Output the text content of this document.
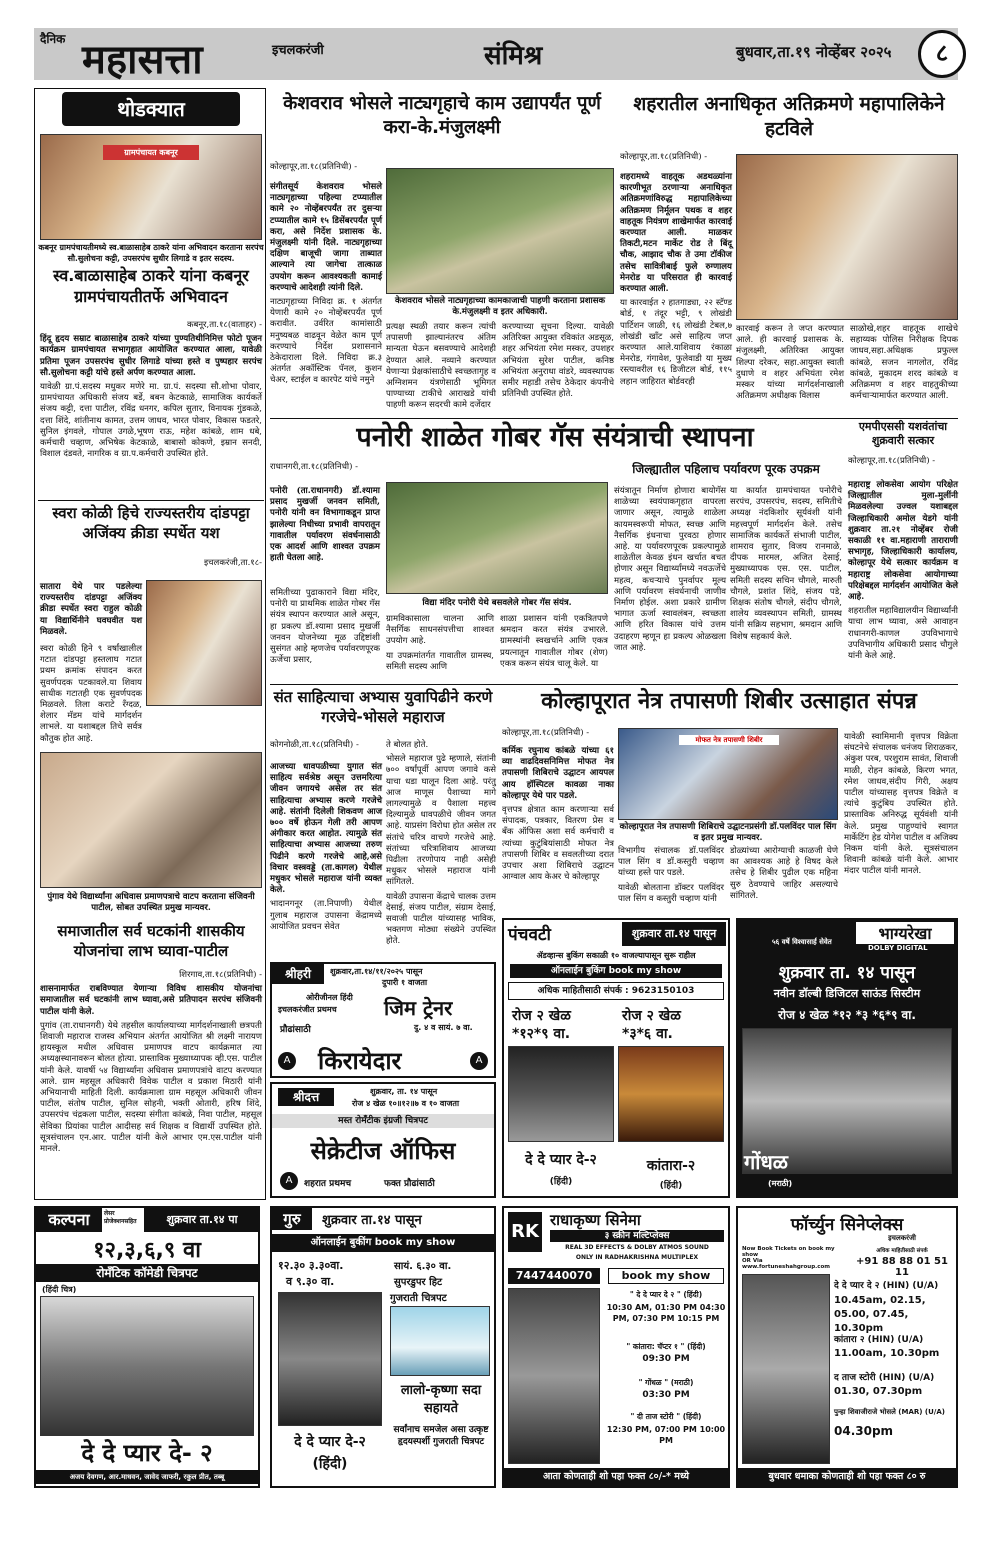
दैनिक महासत्ता	इचलकरंजी	संमिश्र	बुधवार,ता.१९ नोव्हेंबर २०२५	८
थोडक्यात
ग्रामपंचायत कबनूर
कबनूर ग्रामपंचायतीमध्ये स्व.बाळासाहेब ठाकरे यांना अभिवादन करताना सरपंच सौ.सुलोचना कट्टी, उपसरपंच सुधीर लिगाडे व इतर सदस्य.
स्व.बाळासाहेब ठाकरे यांना कबनूर ग्रामपंचायतीतर्फे अभिवादन

कबनूर,ता.१८(वाताहर) -

हिंदू हृदय सम्राट बाळासाहेब ठाकरे यांच्या पुण्यतिथीनिमित्त फोटो पूजन कार्यक्रम ग्रामपंचायत सभागृहात आयोजित करण्यात आला, यावेळी प्रतिमा पूजन उपसरपंच सुधीर लिगाडे यांच्या हस्ते व पुष्पहार सरपंच सौ.सुलोचना कट्टी यांचे हस्ते अर्पण करण्यात आला.

यावेळी ग्रा.पं.सदस्य मधुकर मणेरे मा. ग्रा.पं. सदस्या सौ.शोभा पोवार, ग्रामपंचायत अधिकारी संजय बर्डे, बबन केटकाळे, सामाजिक कार्यकर्ते संजय कट्टी, दत्ता पाटील, रविंद्र धनगर, कपिल सुतार, विनायक गुंडकळे, दत्ता शिंदे, शांतीनाथ कामत, उत्तम जाधव, भारत पोवार, विकास फडतरे, सुनिल इंगवले, गोपाल उगळे,भूषण राऊ, महेश कांबळे, शाम धबे, कर्मचारी चव्हाण, अभिषेक केटकाळे, बाबासो कोकणे, इम्रान सनदी, विशाल दंडवते, नागरिक व ग्रा.प.कर्मचारी उपस्थित होते.

स्वरा कोळी हिचे राज्यस्तरीय दांडपट्टा अजिंक्य क्रीडा स्पर्धेत यश
इचलकरंजी,ता.१८-

सातारा येथे पार पडलेल्या राज्यस्तरीय दांडपट्टा अजिंक्य क्रीडा स्पर्धेत स्वरा राहुल कोळी या विद्यार्थिनीने घवघवीत यश मिळवले.

स्वरा कोळी हिने ९ वर्षांखालील गटात दांडपट्टा हस्तलाघ गटात प्रथम क्रमांक संपादन करत सुवर्णपदक पटकावले.या शिवाय साधीक गटातही एक सुवर्णपदक मिळवले. तिला कराटे रँग्दळ, शेलार मॅडम यांचे मार्गदर्शन लाभले. या यशाबद्दल तिचे सर्वत्र कौतुक होत आहे.

पुंगाव येथे विद्यार्थ्यांना अधिवास प्रमाणपत्राचे वाटप करताना संजिवनी पाटील, सोबत उपस्थित प्रमुख मान्यवर.
समाजातील सर्व घटकांनी शासकीय योजनांचा लाभ घ्यावा-पाटील

शिरगाव,ता.१८(प्रतिनिधी) -

शासनामार्फत राबविण्यात येणाऱ्या विविध शासकीय योजनांचा समाजातील सर्व घटकांनी लाभ घ्यावा,असे प्रतिपादन सरपंच संजिवनी पाटील यांनी केले.

पुगांव (ता.राधानगरी) येथे तहसील कार्यालयाच्या मार्गदर्शनाखाली छत्रपती शिवाजी महाराज राजस्व अभियान अंतर्गत आयोजित श्री लक्ष्मी नारायण हायस्कूल मधील अधिवास प्रमाणपत्र वाटप कार्यक्रमात त्या अध्यक्षस्थानावरून बोलत होत्या. प्रास्ताविक मुख्याध्यापक व्ही.एस. पाटील यांनी केले. यावर्षी ५४ विद्यार्थ्यांना अधिवास प्रमाणपत्रांचे वाटप करण्यात आले. ग्राम महसूल अधिकारी विवेक पाटील व प्रकाश मिठारी यांनी अभियानाची माहिती दिली. कार्यक्रमाला ग्राम महसूल अधिकारी जीवन पाटील, संतोष पाटील, सुनिल सोहनी, भक्ती ओतारी, हरिष शिंदे, उपसरपंच चंद्रकला पाटील, सदस्या संगीता कांबळे, निवा पाटील, महसूल सेविका प्रियांका पाटील आदीसह सर्व शिक्षक व विद्यार्थी उपस्थित होते. सूत्रसंचालन एन.आर. पाटील यांनी केले आभार एम.एस.पाटील यांनी मानले.

केशवराव भोसले नाट्यगृहाचे काम उद्यापर्यंत पूर्ण करा-के.मंजुलक्ष्मी
कोल्हापूर,ता.१८(प्रतिनिधी) -

संगीतसूर्य केशवराव भोसले नाट्यगृहाच्या पहिल्या टप्प्यातील कामे २० नोव्हेंबरपर्यंत तर दुसऱ्या टप्प्यातील कामे १५ डिसेंबरपर्यंत पूर्ण करा, असे निर्देश प्रशासक के. मंजुलक्ष्मी यांनी दिले. नाट्यगृहाच्या दक्षिण बाजूची जागा ताब्यात आल्याने त्या जागेचा तात्काळ उपयोग करून आवश्यकती कामाई करण्याचे आदेशही त्यांनी दिले.

नाट्यगृहाच्या निविदा क्र. १ अंतर्गत येणारी कामे २० नोव्हेंबरपर्यंत पूर्ण करावीत. उर्वरित कामांसाठी मनुष्यबळ वाढवून वेळेत काम पूर्ण करण्याचे निर्देश प्रशासनाने ठेकेदाराला दिले. निविदा क्र.३ अंतर्गत अकॉस्टिक पॅनल, कुशन चेअर, स्टाईल व कारपेट यांचे नमुने

केशवराव भोसले नाट्यगृहाच्या कामकाजाची पाहणी करताना प्रशासक के.मंजुलक्ष्मी व इतर अधिकारी.

प्रत्यक्ष स्थळी तयार करून त्यांची तपासणी झाल्यानंतरच अंतिम मान्यता घेऊन बसवण्याचे आदेशही देण्यात आले. नव्याने करण्यात येणाऱ्या प्रेक्षकांसाठीचे स्वच्छतागृह व अग्निशमन यंत्रणेसाठी भूमिगत पाण्याच्या टाकीचे आराखडे यांची पाहणी करून सदरची कामे दर्जेदार

करण्याच्या सूचना दिल्या. यावेळी अतिरिक्त आयुक्त रविकांत अडसूळ, शहर अभियंता रमेश मस्कर, उपशहर अभियंता सुरेश पाटील, कनिष्ठ अभियंता अनुराधा वांडरे, व्यवस्थापक समीर महाडी तसेच ठेकेदार कंपनीचे प्रतिनिधी उपस्थित होते.

शहरातील अनाधिकृत अतिक्रमणे महापालिकेने हटविले
कोल्हापूर,ता.१८(प्रतिनिधी) -

शहरामध्ये वाहतूक अडथळ्यांना कारणीभूत ठरणाऱ्या अनाधिकृत अतिक्रमणांविरुद्ध महापालिकेच्या अतिक्रमण निर्मूलन पथक व शहर वाहतूक नियंत्रण शाखेमार्फत कारवाई करण्यात आली. माळकर तिकटी,मटन मार्केट रोड ते बिंदू चौक, आझाद चौक ते उमा टॉकीज तसेच सावित्रीबाई फुले रुग्णालय मेनरोड या परिसरात ही कारवाई करण्यात आली.

या कारवाईत २ हातगाड्या, २२ स्टॅण्ड बोर्ड, १ तंदूर भट्टी, ९ लोखंडी पार्टिशन जाळी, १६ लोखंडी टेबल,७ लोखंडी खाँट असे साहित्य जप्त करण्यात आले.याशिवाय रंकाळा मेनरोड, गंगावेश, फुलेवाडी या मुख्य रस्त्यावरील १६ डिजीटल बोर्ड, ११५ लहान जाहिरात बोर्डवरही

कारवाई करून ते जप्त करण्यात आले. ही कारवाई प्रशासक के. मंजुलक्ष्मी, अतिरिक्त आयुक्त शिल्पा दरेकर, सहा.आयुक्त स्वाती दुधाणे व शहर अभियंता रमेश मस्कर यांच्या मार्गदर्शनाखाली अतिक्रमण अधीक्षक विलास

साळोखे,शहर वाहतूक शाखेचे सहाय्यक पोलिस निरीक्षक दिपक जाधव,सहा.अधिक्षक प्रफुल्ल कांबळे, सजन नागलोत, रविंद्र कांबळे, मुकादम शरद कांबळे व अतिक्रमण व शहर वाहतुकीच्या कर्मचाऱ्यामार्फत करण्यात आली.

पनोरी शाळेत गोबर गॅस संयंत्राची स्थापना
जिल्ह्यातील पहिलाच पर्यावरण पूरक उपक्रम
राधानगरी,ता.१८(प्रतिनिधी) -

पनोरी (ता.राधानगरी) डॉ.श्यामा प्रसाद मुखर्जी जनवन समिती, पनोरी यांनी वन विभागाकडून प्राप्त झालेल्या निधीच्या प्रभावी वापरातून गावातील पर्यावरण संवर्धनासाठी एक आदर्श आणि शाश्वत उपक्रम हाती घेतला आहे.

समितीच्या पुढाकाराने विद्या मंदिर, पनोरी या प्राथमिक शाळेत गोबर गॅस संयंत्र स्थापन करण्यात आले असून, हा प्रकल्प डॉ.श्यामा प्रसाद मुखर्जी जनवन योजनेच्या मूळ उद्दिष्टांशी सुसंगत आहे म्हणजेच पर्यावरणपूरक ऊर्जेचा प्रसार,

विद्या मंदिर पनोरी येथे बसवलेले गोबर गॅस संयंत्र.

ग्रामविकासाला चालना आणि नैसर्गिक साधनसंपत्तीचा शाश्वत उपयोग आहे.

या उपक्रमांतर्गत गावातील ग्रामस्थ, समिती सदस्य आणि

शाळा प्रशासन यांनी एकत्रितपणे श्रमदान करत संयंत्र उभारले. ग्रामस्थांनी स्वखर्चाने आणि एकत्र प्रयत्नातून गावातील गोबर (शेण) एकत्र करून संयंत्र चालू केले. या

संयंत्रातून निर्माण होणारा बायोगॅस शाळेच्या स्वयंपाकगृहात वापरला जाणार असून, त्यामुळे शाळेला कायमस्वरूपी मोफत, स्वच्छ आणि नैसर्गिक इंधनाचा पुरवठा होणार आहे. या पर्यावरणपूरक प्रकल्पामुळे शाळेतील केवळ इंधन खर्चात बचत होणार असून विद्यार्थ्यांमध्ये नवऊर्जेचे महत्व, कचऱ्याचे पुनर्वापर मूल्य आणि पर्यावरण संवर्धनाची जाणीव निर्माण होईल. अशा प्रकारे ग्रामीण भागात ऊर्जा स्वावलंबन, स्वच्छता आणि हरित विकास यांचे उत्तम उदाहरण म्हणून हा प्रकल्प ओळखला जात आहे.

या कार्यात ग्रामपंचायत पनोरीचे सरपंच, उपसरपंच, सदस्य, समितीचे अध्यक्ष नंदकिशोर सूर्यवंशी यांनी महत्त्वपूर्ण मार्गदर्शन केले. तसेच सामाजिक कार्यकर्ते संभाजी पाटील, शामराव सुतार, विजय रानमाळे, दीपक मारमल, अजित देसाई, मुख्याध्यापक एस. एस. पाटील, समिती सदस्य सचिन चौगले, मारुती चौगले, प्रशांत शिंदे, संजय पडे, शिक्षक संतोष चौगले, संदीप चौगले, शालेय व्यवस्थापन समिती, ग्रामस्थ यांनी सक्रिय सहभाग, श्रमदान आणि विशेष सहकार्य केले.

एमपीएससी यशवंतांचा शुक्रवारी सत्कार
कोल्हापूर,ता.१८(प्रतिनिधी) -

महाराष्ट्र लोकसेवा आयोग परिक्षेत जिल्ह्यातील मुला-मुलींनी मिळवलेल्या उज्वल यशाबद्दल जिल्हाधिकारी अमोल येडगे यांनी शुक्रवार ता.२१ नोव्हेंबर रोजी सकाळी ११ वा.महाराणी ताराराणी सभागृह, जिल्हाधिकारी कार्यालय, कोल्हापूर येथे सत्कार कार्यक्रम व महाराष्ट्र लोकसेवा आयोगाच्या परिक्षेबद्दल मार्गदर्शन आयोजित केले आहे.

शहरातील महाविद्यालयीन विद्यार्थ्यांनी याचा लाभ घ्यावा, असे आवाहन राधानगरी-काणल उपविभागाचे उपविभागीय अधिकारी प्रसाद चौगुले यांनी केले आहे.

संत साहित्याचा अभ्यास युवापिढीने करणे गरजेचे-भोसले महाराज
कोगनोळी,ता.१८(प्रतिनिधी) -

आजच्या धावपळीच्या युगात संत साहित्य सर्वश्रेष्ठ असून उत्तमरित्या जीवन जगायचे असेल तर संत साहित्याचा अभ्यास करणे गरजेचे आहे. संतांनी दिलेली शिकवण आज ७०० वर्षे होऊन गेली तरी आपण अंगीकार करत आहोत. त्यामुळे संत साहित्याचा अभ्यास आजच्या तरुण पिढीने करणे गरजेचे आहे,असे विचार वस्त्रवड्डे (ता.कागल) येथील मधुकर भोसले महाराज यांनी व्यक्त केले.

भादानगनूर (ता.निपाणी) येथील गुलाब महाराज उपासना केंद्रामध्ये आयोजित प्रवचन सेवेत

ते बोलत होते.

भोसले महाराज पुढे म्हणाले, संतांनी ७०० वर्षांपूर्वी आपण जगावे कसे याचा धडा घालून दिला आहे. परंतु आज माणूस पैशाच्या मागे लागल्यामुळे व पैशाला महत्त्व दिल्यामुळे धावपळीचे जीवन जगत आहे. याप्रसंग विरोधा होत असेल तर संतांचे चरित्र वाचणे गरजेचे आहे. संतांच्या चरित्राशिवाय आजच्या पिढीला तरणोपाय नाही असेही मधुकर भोसले महाराज यांनी सांगितले.

यावेळी उपासना केंद्राचे चालक उत्तम देसाई, संजय पाटील, संग्राम देसाई, सवाजी पाटील यांच्यासह भाविक, भक्तगण मोठ्या संख्येने उपस्थित होते.

कोल्हापूरात नेत्र तपासणी शिबीर उत्साहात संपन्न
कोल्हापूर,ता.१८(प्रतिनिधी) -

कर्मिक रघुनाथ कांबळे यांच्या ६१ व्या वाढदिवसनिमित्त मोफत नेत्र तपासणी शिबिराचे उद्घाटन आयपल आय हॉस्पिटल कावळा नाका कोल्हापूर येथे पार पडले.

वृत्तपत्र क्षेत्रात काम करणाऱ्या सर्व संपादक, पत्रकार, वितरण प्रेस व बँक ऑफिस अशा सर्व कर्मचारी व त्यांच्या कुटुंबियांसाठी मोफत नेत्र तपासणी शिबिर व सवलतीच्या दरात उपचार अशा शिबिराचे उद्घाटन आग्वाल आय केअर चे कोल्हापूर

मोफत नेत्र तपासणी शिबीर
कोल्हापूरात नेत्र तपासणी शिबिराचे उद्घाटनप्रसंगी डॉ.पलविंदर पाल सिंग व इतर प्रमुख मान्यवर.

विभागीय संचालक डॉ.पलविंदर पाल सिंग व डॉ.कस्तुरी चव्हाण यांच्या हस्ते पार पडले.

यावेळी बोलताना डॉक्टर पलविंदर पाल सिंग व कस्तुरी चव्हाण यांनी

डोळ्यांच्या आरोग्याची काळजी घेणे का आवश्यक आहे हे विषद केले तसेच हे शिबीर पुढील एक महिना सुरु ठेवण्याचे जाहिर असल्याचे सांगितले.

यावेळी स्वामिमानी वृत्तपत्र विक्रेता संघटनेचे संचालक धनंजय शिराळकर, अंकुश परब, परशुराम सावंत, शिवाजी माळी, रोहन कांबळे, किरण भगत, रमेश जाधव,संदीप गिरी, अक्षय पाटील यांच्यासह वृत्तपत्र विक्रेते व त्यांचे कुटुंबिय उपस्थित होते. प्रास्ताविक अनिरुद्ध सूर्यवंशी यांनी केले. प्रमुख पाहुण्यांचे स्वागत मार्केटिंग हेड योगेश पाटील व अजिक्य निकम यांनी केले. सूत्रसंचालन शिवानी कांबळे यांनी केले. आभार मंदार पाटील यांनी मानले.

श्रीहरी	शुक्रवार,ता.१४/११/२०२५ पासून
दुपारी १ वाजता
ओरीजीनल हिंदी
इचलकरंजीत प्रथमच जिम ट्रेनर
दु. ४ व सायं. ७ वा.
प्रौढांसाठी
A किरायेदार	A
श्रीदत्त	शुक्रवार, ता. १४ पासून
रोज ४ खेळ १०॥१२॥७ व १० वाजता
मस्त रोमॅंटीक इंग्रजी चित्रपट
सेक्रेटीज ऑफिस
A	शहरात प्रथमच	फक्त प्रौढांसाठी
पंचवटी	शुक्रवार ता.१४ पासून
ॲडव्हान्स बुकिंग सकाळी १० वाजल्यापासून सुरू राहील
ऑनलाईन बुकिंग book my show
अधिक माहितीसाठी संपर्क : 9623150103
रोज २ खेळ
*१२*९ वा.
रोज २ खेळ
*३*६ वा.
दे दे प्यार दे-२
(हिंदी)
कांतारा-२
(हिंदी)
५६ वर्षे विश्वासार्ह सेवेत	भाग्यरेखा
DOLBY DIGITAL
शुक्रवार ता. १४ पासून
नवीन डॉल्बी डिजिटल साऊंड सिस्टीम
रोज ४ खेळ *१२ *३ *६*९ वा.
गोंधळ
(मराठी)
कल्पना	लेसर प्रोजेक्शनसहित	शुक्रवार ता.१४ पा
१२,३,६,९ वा
रोमॅंटिक कॉमेडी चित्रपट
(हिंदी चित्र)
दे दे प्यार दे- २
अजय देवगण, आर.माधवन, जावेद जाफरी, रकुल प्रीत, तब्बू
गुरु	शुक्रवार ता.१४ पासून
ऑनलाईन बुकींग book my show
१२.३० ३.३०वा.
व ९.३० वा.
दे दे प्यार दे-२
(हिंदी)
सायं. ६.३० वा.
सुपरडुपर हिट
गुजराती चित्रपट
लालो-कृष्णा सदा सहायते
सर्वांनाच समजेल असा उत्कृष्ट हृदयस्पर्शी गुजराती चित्रपट
RK
राधाकृष्ण सिनेमा
३ स्क्रीन मल्टिप्लेक्स
REAL 3D EFFECTS & DOLBY ATMOS SOUND
ONLY IN RADHAKRISHNA MULTIPLEX
7447440070	book my show
" दे दे प्यार दे २ " (हिंदी)
10:30 AM, 01:30 PM 04:30 PM, 07:30 PM 10:15 PM
" कांतारा: चॅप्टर १ " (हिंदी)
09:30 PM
" गोंधळ " (मराठी)
03:30 PM
" दी ताज स्टोरी " (हिंदी)
12:30 PM, 07:00 PM 10:00 PM
आता कोणताही शो पहा फक्त ८०/-* मध्ये
फॉर्च्युन सिनेप्लेक्स
इचलकरंजी
Now Book Tickets on book my show
OR Via www.fortuneshahgroup.com
अधिक माहितीसाठी संपर्क
+91 88 88 01 51 11
दे दे प्यार दे २ (HIN) (U/A)
10.45am, 02.15, 05.00, 07.45, 10.30pm
कांतारा २ (HIN) (U/A)
11.00am, 10.30pm
द ताज स्टोरी (HIN) (U/A)
01.30, 07.30pm
पुन्हा शिवाजीराजे भोसले (MAR) (U/A)
04.30pm
बुधवार धमाका कोणताही शो पहा फक्त ८० रु
